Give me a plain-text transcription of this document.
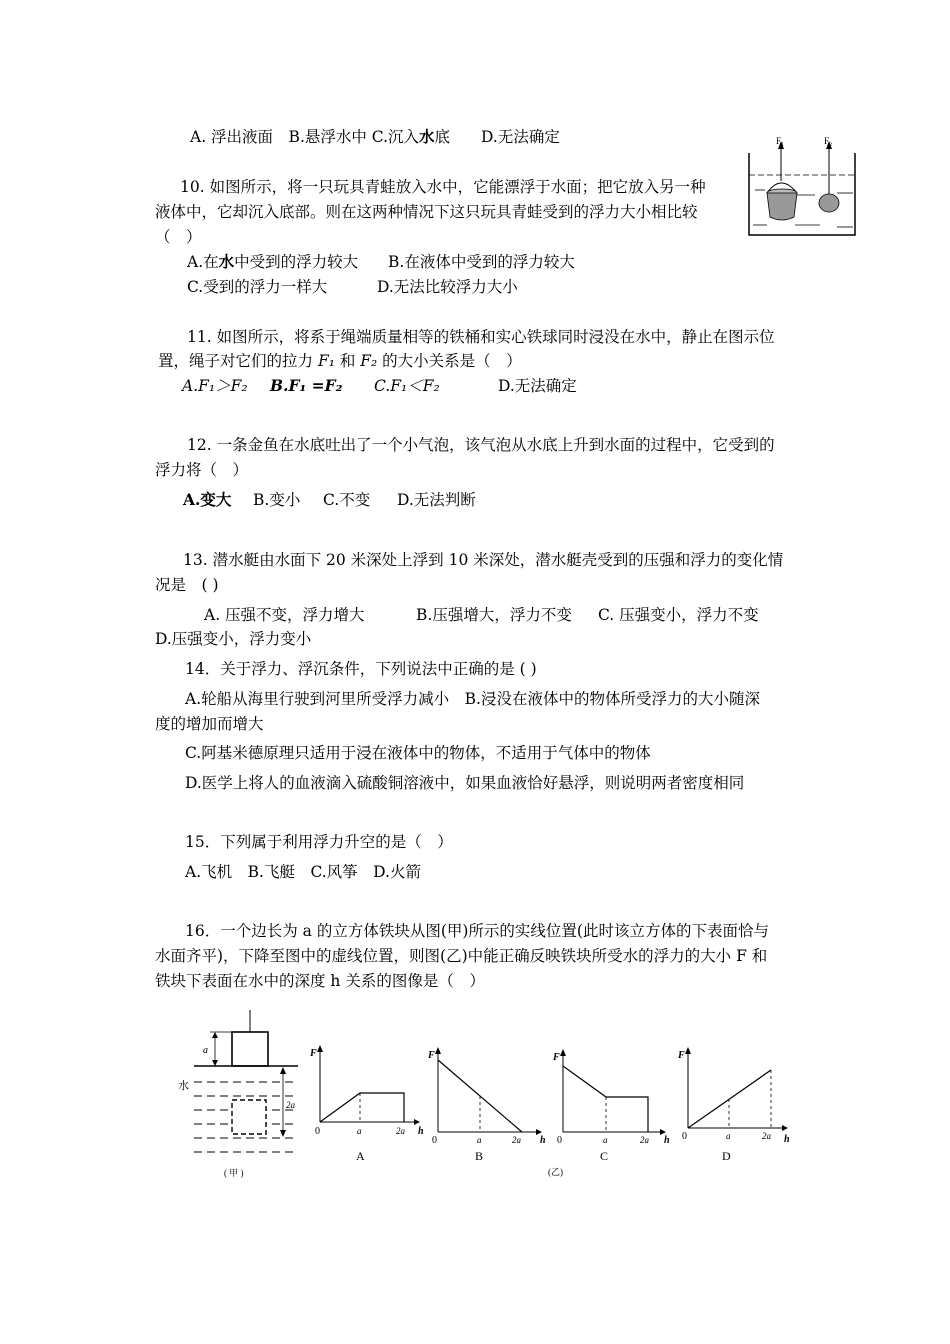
A. 浮出液面　B.悬浮水中 C.沉入水底　　D.无法确定
10. 如图所示，将一只玩具青蛙放入水中，它能漂浮于水面；把它放入另一种
液体中，它却沉入底部。则在这两种情况下这只玩具青蛙受到的浮力大小相比较
（　）
A.在水中受到的浮力较大 B.在液体中受到的浮力较大
C.受到的浮力一样大	D.无法比较浮力大小
F₁	F₂
11. 如图所示，将系于绳端质量相等的铁桶和实心铁球同时浸没在水中，静止在图示位
置，绳子对它们的拉力 F₁ 和 F₂ 的大小关系是（　）
A.F₁＞F₂ B.F₁ =F₂ C.F₁＜F₂	D.无法确定
12. 一条金鱼在水底吐出了一个小气泡，该气泡从水底上升到水面的过程中，它受到的
浮力将（　）
A.变大 B.变小 C.不变 D.无法判断
13. 潜水艇由水面下 20 米深处上浮到 10 米深处，潜水艇壳受到的压强和浮力的变化情
况是　( )
A. 压强不变，浮力增大	B.压强增大，浮力不变 C. 压强变小，浮力不变
D.压强变小，浮力变小
14．关于浮力、浮沉条件，下列说法中正确的是 ( )
A.轮船从海里行驶到河里所受浮力减小　B.浸没在液体中的物体所受浮力的大小随深
度的增加而增大
C.阿基米德原理只适用于浸在液体中的物体，不适用于气体中的物体
D.医学上将人的血液滴入硫酸铜溶液中，如果血液恰好悬浮，则说明两者密度相同
15．下列属于利用浮力升空的是（　）
A.飞机　B.飞艇　C.风筝　D.火箭
16．一个边长为 a 的立方体铁块从图(甲)所示的实线位置(此时该立方体的下表面恰与
水面齐平)，下降至图中的虚线位置，则图(乙)中能正确反映铁块所受水的浮力的大小 F 和
铁块下表面在水中的深度 h 关系的图像是（　）
a
水
2a
( 甲 )
F
h
0	a	2a
A
F
h
0	a	2a
B
F
h
0	a	2a
C
(乙)
F
h
0	a	2a
D
